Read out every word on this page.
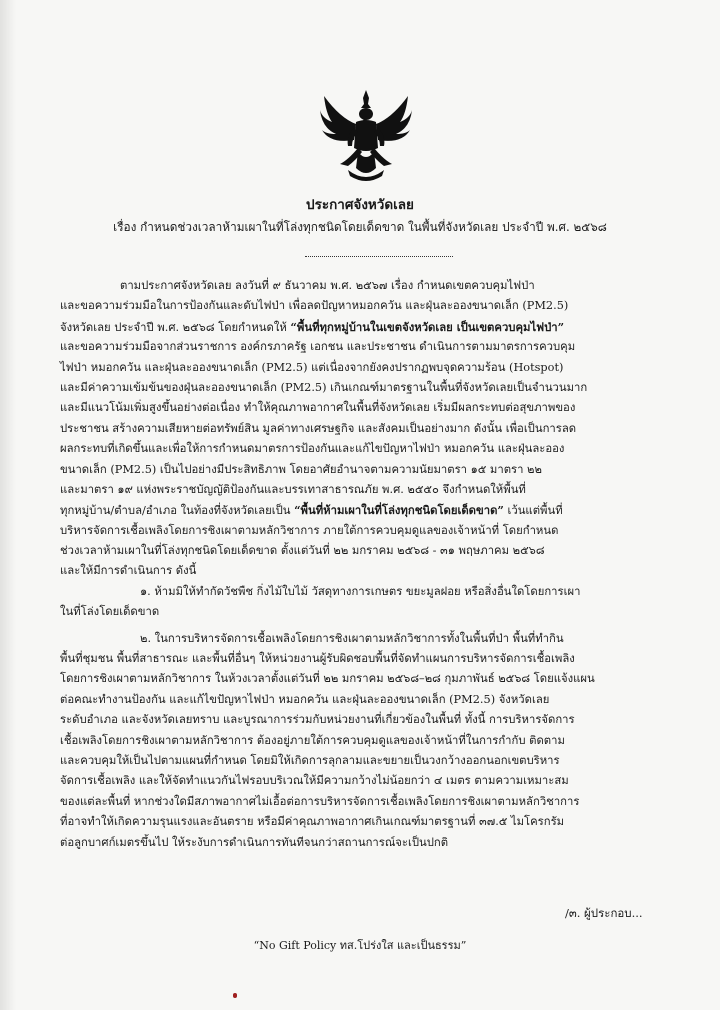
ประกาศจังหวัดเลย
เรื่อง กำหนดช่วงเวลาห้ามเผาในที่โล่งทุกชนิดโดยเด็ดขาด ในพื้นที่จังหวัดเลย ประจำปี พ.ศ. ๒๕๖๘
ตามประกาศจังหวัดเลย ลงวันที่ ๙ ธันวาคม พ.ศ. ๒๕๖๗ เรื่อง กำหนดเขตควบคุมไฟป่า
และขอความร่วมมือในการป้องกันและดับไฟป่า เพื่อลดปัญหาหมอกควัน และฝุ่นละอองขนาดเล็ก (PM2.5)
จังหวัดเลย ประจำปี พ.ศ. ๒๕๖๘ โดยกำหนดให้ “พื้นที่ทุกหมู่บ้านในเขตจังหวัดเลย เป็นเขตควบคุมไฟป่า”
และขอความร่วมมือจากส่วนราชการ องค์กรภาครัฐ เอกชน และประชาชน ดำเนินการตามมาตรการควบคุม
ไฟป่า หมอกควัน และฝุ่นละอองขนาดเล็ก (PM2.5) แต่เนื่องจากยังคงปรากฏพบจุดความร้อน (Hotspot)
และมีค่าความเข้มข้นของฝุ่นละอองขนาดเล็ก (PM2.5) เกินเกณฑ์มาตรฐานในพื้นที่จังหวัดเลยเป็นจำนวนมาก
และมีแนวโน้มเพิ่มสูงขึ้นอย่างต่อเนื่อง ทำให้คุณภาพอากาศในพื้นที่จังหวัดเลย เริ่มมีผลกระทบต่อสุขภาพของ
ประชาชน สร้างความเสียหายต่อทรัพย์สิน มูลค่าทางเศรษฐกิจ และสังคมเป็นอย่างมาก ดังนั้น เพื่อเป็นการลด
ผลกระทบที่เกิดขึ้นและเพื่อให้การกำหนดมาตรการป้องกันและแก้ไขปัญหาไฟป่า หมอกควัน และฝุ่นละออง
ขนาดเล็ก (PM2.5) เป็นไปอย่างมีประสิทธิภาพ โดยอาศัยอำนาจตามความนัยมาตรา ๑๕ มาตรา ๒๒
และมาตรา ๑๙ แห่งพระราชบัญญัติป้องกันและบรรเทาสาธารณภัย พ.ศ. ๒๕๕๐ จึงกำหนดให้พื้นที่
ทุกหมู่บ้าน/ตำบล/อำเภอ ในท้องที่จังหวัดเลยเป็น “พื้นที่ห้ามเผาในที่โล่งทุกชนิดโดยเด็ดขาด” เว้นแต่พื้นที่
บริหารจัดการเชื้อเพลิงโดยการชิงเผาตามหลักวิชาการ ภายใต้การควบคุมดูแลของเจ้าหน้าที่ โดยกำหนด
ช่วงเวลาห้ามเผาในที่โล่งทุกชนิดโดยเด็ดขาด ตั้งแต่วันที่ ๒๒ มกราคม ๒๕๖๘ - ๓๑ พฤษภาคม ๒๕๖๘
และให้มีการดำเนินการ ดังนี้
๑. ห้ามมิให้ทำกัดวัชพืช กิ่งไม้ใบไม้ วัสดุทางการเกษตร ขยะมูลฝอย หรือสิ่งอื่นใดโดยการเผา
ในที่โล่งโดยเด็ดขาด
๒. ในการบริหารจัดการเชื้อเพลิงโดยการชิงเผาตามหลักวิชาการทั้งในพื้นที่ป่า พื้นที่ทำกิน
พื้นที่ชุมชน พื้นที่สาธารณะ และพื้นที่อื่นๆ ให้หน่วยงานผู้รับผิดชอบพื้นที่จัดทำแผนการบริหารจัดการเชื้อเพลิง
โดยการชิงเผาตามหลักวิชาการ ในห้วงเวลาตั้งแต่วันที่ ๒๒ มกราคม ๒๕๖๘–๒๘ กุมภาพันธ์ ๒๕๖๘ โดยแจ้งแผน
ต่อคณะทำงานป้องกัน และแก้ไขปัญหาไฟป่า หมอกควัน และฝุ่นละอองขนาดเล็ก (PM2.5) จังหวัดเลย
ระดับอำเภอ และจังหวัดเลยทราบ และบูรณาการร่วมกับหน่วยงานที่เกี่ยวข้องในพื้นที่ ทั้งนี้ การบริหารจัดการ
เชื้อเพลิงโดยการชิงเผาตามหลักวิชาการ ต้องอยู่ภายใต้การควบคุมดูแลของเจ้าหน้าที่ในการกำกับ ติดตาม
และควบคุมให้เป็นไปตามแผนที่กำหนด โดยมิให้เกิดการลุกลามและขยายเป็นวงกว้างออกนอกเขตบริหาร
จัดการเชื้อเพลิง และให้จัดทำแนวกันไฟรอบบริเวณให้มีความกว้างไม่น้อยกว่า ๔ เมตร ตามความเหมาะสม
ของแต่ละพื้นที่ หากช่วงใดมีสภาพอากาศไม่เอื้อต่อการบริหารจัดการเชื้อเพลิงโดยการชิงเผาตามหลักวิชาการ
ที่อาจทำให้เกิดความรุนแรงและอันตราย หรือมีค่าคุณภาพอากาศเกินเกณฑ์มาตรฐานที่ ๓๗.๕ ไมโครกรัม
ต่อลูกบาศก์เมตรขึ้นไป ให้ระงับการดำเนินการทันทีจนกว่าสถานการณ์จะเป็นปกติ
/๓. ผู้ประกอบ...
“No Gift Policy ทส.โปร่งใส และเป็นธรรม”
